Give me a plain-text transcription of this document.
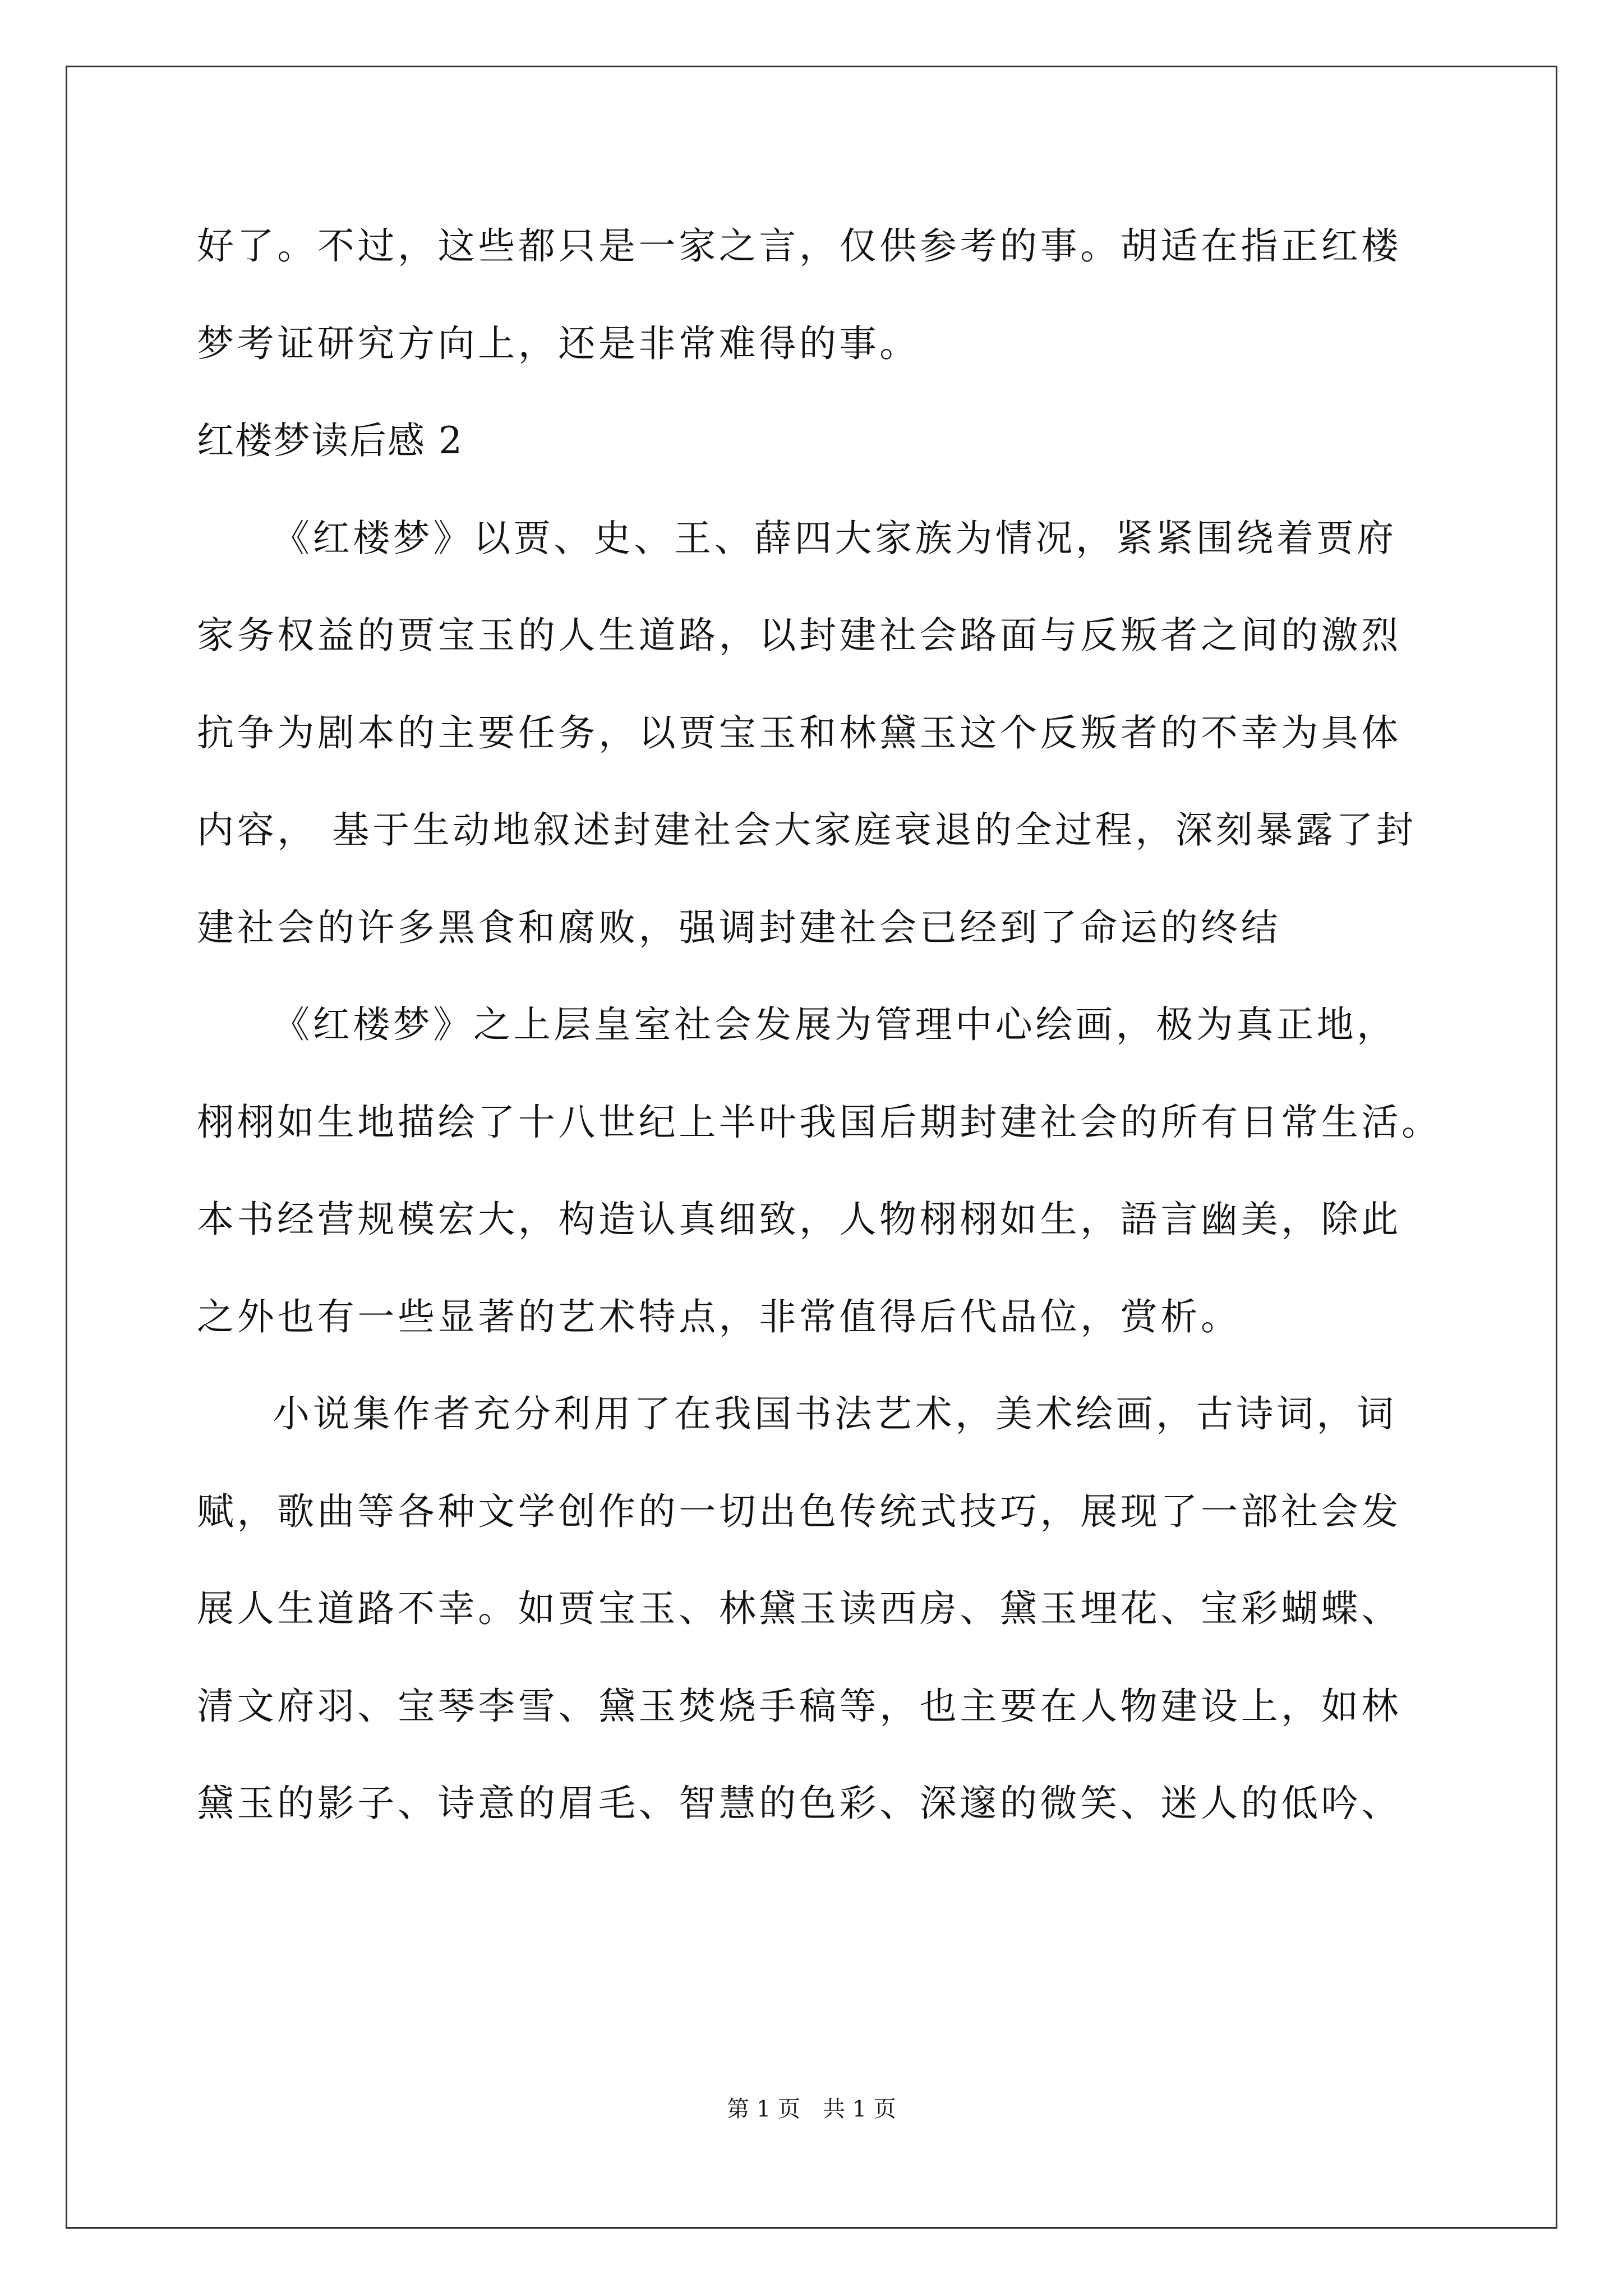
好了。不过，这些都只是一家之言，仅供参考的事。胡适在指正红楼
梦考证研究方向上，还是非常难得的事。
红楼梦读后感 2
《红楼梦》以贾、史、王、薛四大家族为情况，紧紧围绕着贾府
家务权益的贾宝玉的人生道路，以封建社会路面与反叛者之间的激烈
抗争为剧本的主要任务，以贾宝玉和林黛玉这个反叛者的不幸为具体
内容， 基于生动地叙述封建社会大家庭衰退的全过程，深刻暴露了封
建社会的许多黑食和腐败，强调封建社会已经到了命运的终结
《红楼梦》之上层皇室社会发展为管理中心绘画，极为真正地，
栩栩如生地描绘了十八世纪上半叶我国后期封建社会的所有日常生活。
本书经营规模宏大，构造认真细致，人物栩栩如生，語言幽美，除此
之外也有一些显著的艺术特点，非常值得后代品位，赏析。
小说集作者充分利用了在我国书法艺术，美术绘画，古诗词，词
赋，歌曲等各种文学创作的一切出色传统式技巧，展现了一部社会发
展人生道路不幸。如贾宝玉、林黛玉读西房、黛玉埋花、宝彩蝴蝶、
清文府羽、宝琴李雪、黛玉焚烧手稿等，也主要在人物建设上，如林
黛玉的影子、诗意的眉毛、智慧的色彩、深邃的微笑、迷人的低吟、
第 1 页 共 1 页
